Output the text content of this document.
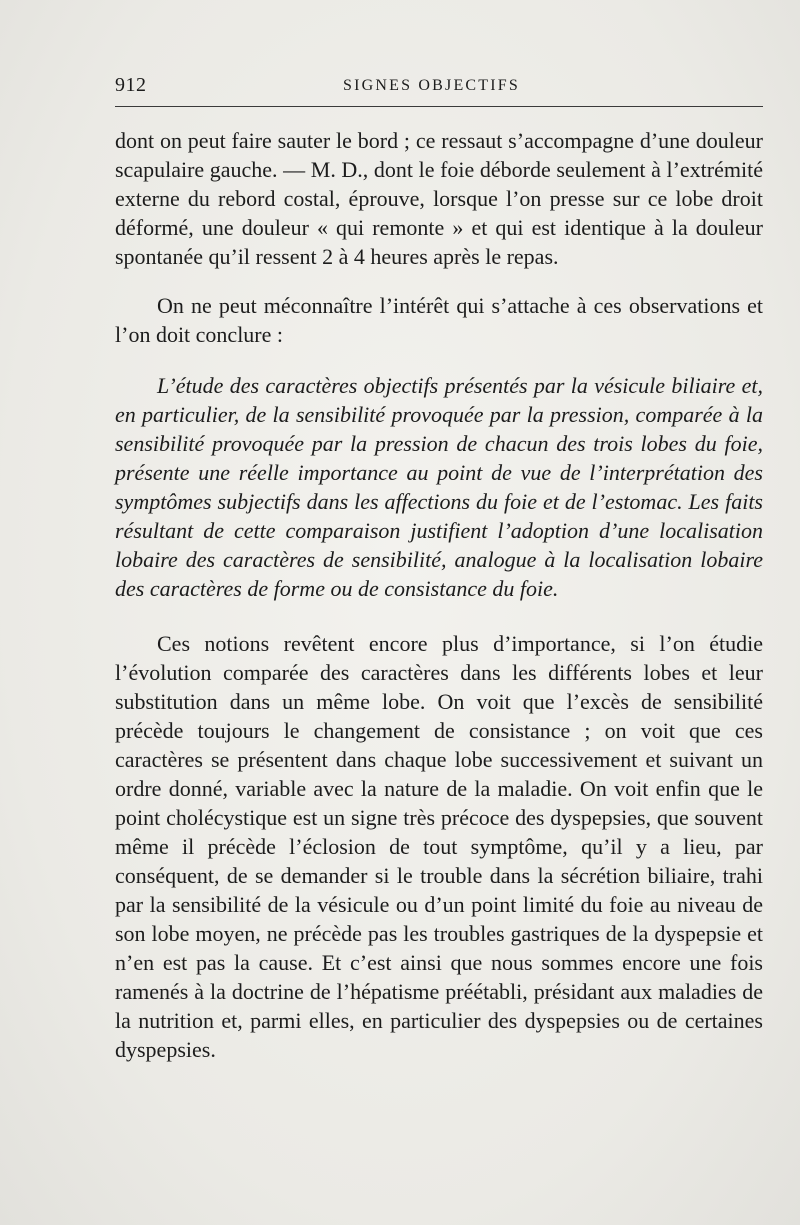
912	SIGNES OBJECTIFS

dont on peut faire sauter le bord ; ce ressaut s’accompagne d’une douleur scapulaire gauche. — M. D., dont le foie déborde seulement à l’extrémité externe du rebord costal, éprouve, lorsque l’on presse sur ce lobe droit déformé, une douleur « qui remonte » et qui est identique à la douleur spontanée qu’il ressent 2 à 4 heures après le repas.

On ne peut méconnaître l’intérêt qui s’attache à ces observations et l’on doit conclure :

L’étude des caractères objectifs présentés par la vésicule biliaire et, en particulier, de la sensibilité provoquée par la pression, comparée à la sensibilité provoquée par la pression de chacun des trois lobes du foie, présente une réelle importance au point de vue de l’interprétation des symptômes subjectifs dans les affections du foie et de l’estomac. Les faits résultant de cette comparaison justifient l’adoption d’une localisation lobaire des caractères de sensibilité, analogue à la localisation lobaire des caractères de forme ou de consistance du foie.

Ces notions revêtent encore plus d’importance, si l’on étudie l’évolution comparée des caractères dans les différents lobes et leur substitution dans un même lobe. On voit que l’excès de sensibilité précède toujours le changement de consistance ; on voit que ces caractères se présentent dans chaque lobe successivement et suivant un ordre donné, variable avec la nature de la maladie. On voit enfin que le point cholécystique est un signe très précoce des dyspepsies, que souvent même il précède l’éclosion de tout symptôme, qu’il y a lieu, par conséquent, de se demander si le trouble dans la sécrétion biliaire, trahi par la sensibilité de la vésicule ou d’un point limité du foie au niveau de son lobe moyen, ne précède pas les troubles gastriques de la dyspepsie et n’en est pas la cause. Et c’est ainsi que nous sommes encore une fois ramenés à la doctrine de l’hépatisme préétabli, présidant aux maladies de la nutrition et, parmi elles, en particulier des dyspepsies ou de certaines dyspepsies.
